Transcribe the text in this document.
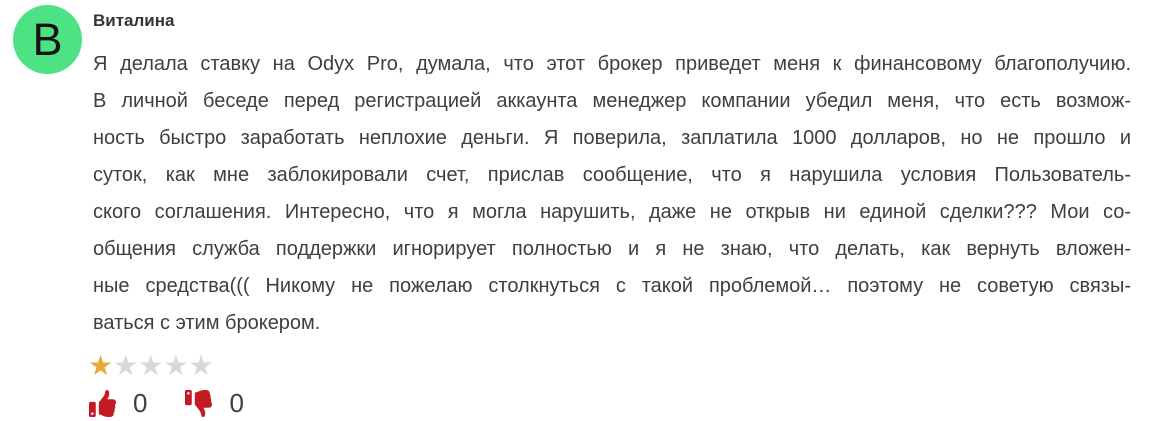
В Виталина
Я делала ставку на Odyx Pro, думала, что этот брокер приведет меня к финансовому благополучию.
В личной беседе перед регистрацией аккаунта менеджер компании убедил меня, что есть возмож-
ность быстро заработать неплохие деньги. Я поверила, заплатила 1000 долларов, но не прошло и
суток, как мне заблокировали счет, прислав сообщение, что я нарушила условия Пользователь-
ского соглашения. Интересно, что я могла нарушить, даже не открыв ни единой сделки??? Мои со-
общения служба поддержки игнорирует полностью и я не знаю, что делать, как вернуть вложен-
ные средства((( Никому не пожелаю столкнуться с такой проблемой… поэтому не советую связы-
ваться с этим брокером.
★★★★★
0	0
